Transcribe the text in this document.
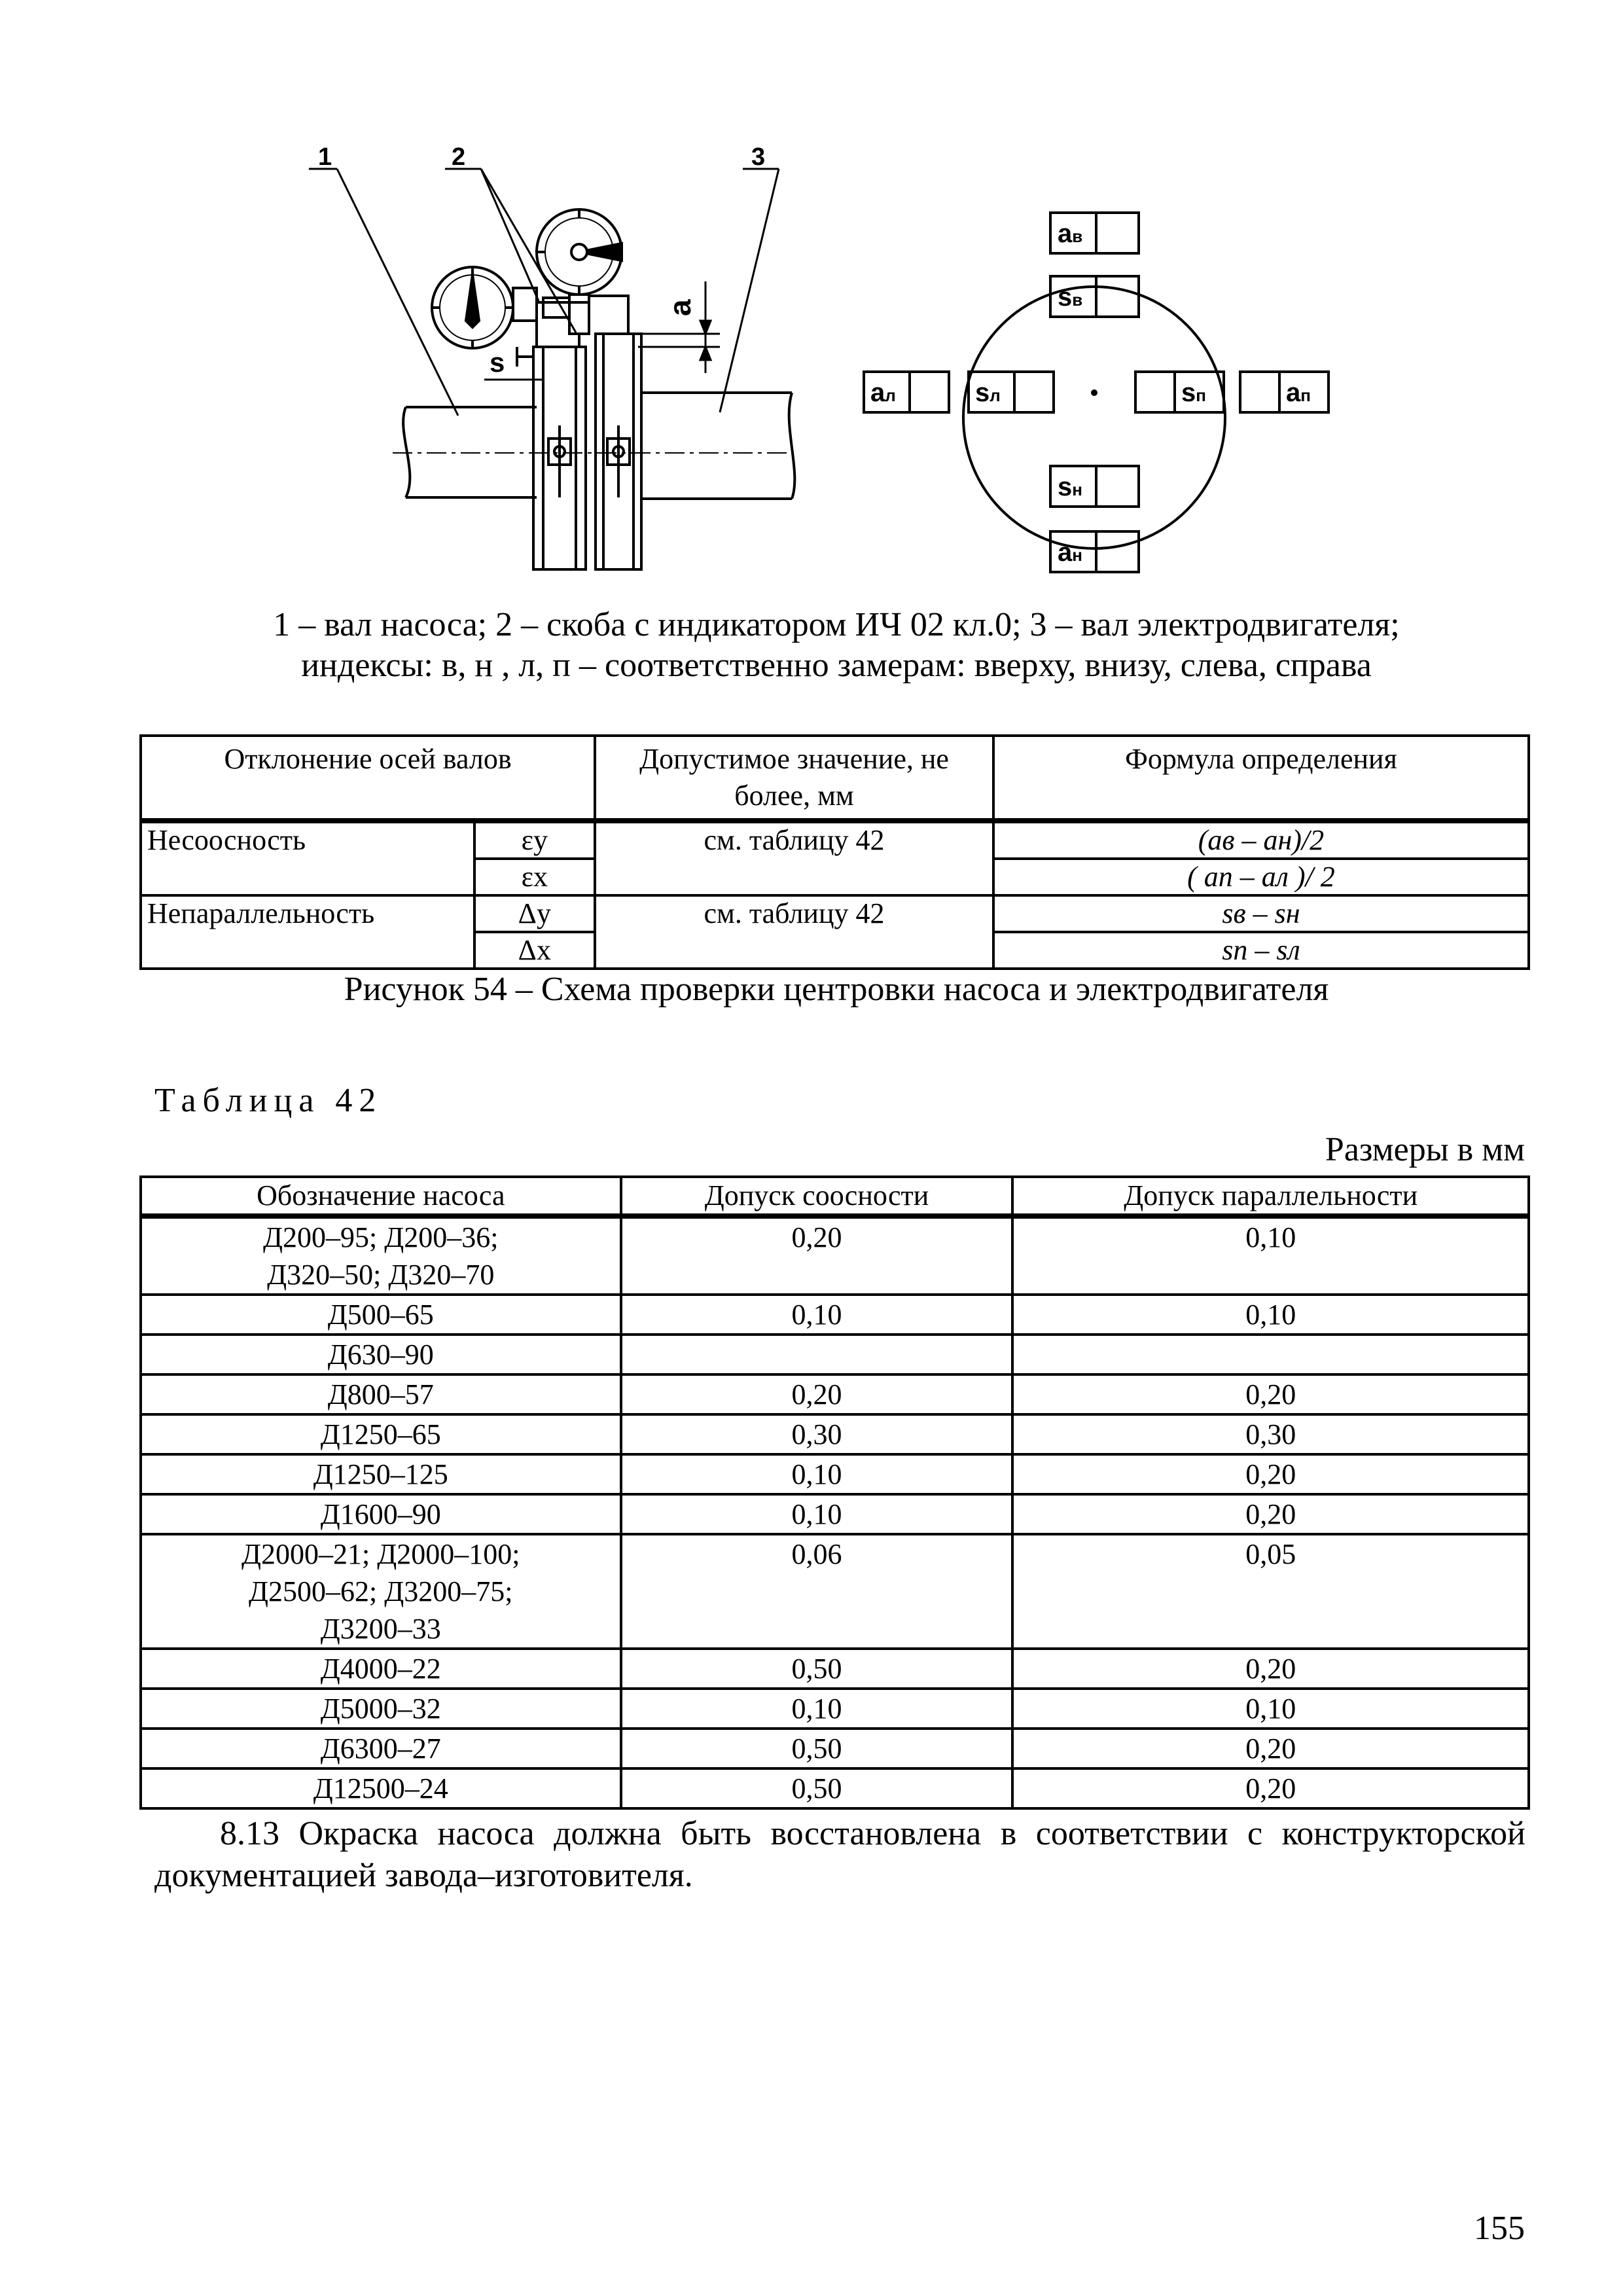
1	2	3
s
а
ав
sв
ал	sл	sп	ап
sн
ан
1 – вал насоса; 2 – скоба с индикатором ИЧ 02 кл.0; 3 – вал электродвигателя;
индексы: в, н , л, п – соответственно замерам: вверху, внизу, слева, справа
Отклонение осей валов		Допустимое значение, не более, мм	Формула определения
Несоосность	εy	см. таблицу 42	(ав – ан)/2
	εx		( ап – ал )/ 2
Непараллельность	Δy	см. таблицу 42	sв – sн
	Δx		sп – sл
Рисунок 54 – Схема проверки центровки насоса и электродвигателя
Таблица 42
Размеры в мм
Обозначение насоса	Допуск соосности	Допуск параллельности

Д200–95; Д200–36;
Д320–50; Д320–70	0,20	0,10

Д500–65	0,10	0,10

Д630–90		

Д800–57	0,20	0,20

Д1250–65	0,30	0,30

Д1250–125	0,10	0,20

Д1600–90	0,10	0,20

Д2000–21; Д2000–100;
Д2500–62; Д3200–75;
Д3200–33	0,06	0,05

Д4000–22	0,50	0,20

Д5000–32	0,10	0,10

Д6300–27	0,50	0,20

Д12500–24	0,50	0,20
8.13 Окраска насоса должна быть восстановлена в соответствии с конструкторской документацией завода–изготовителя.
155
